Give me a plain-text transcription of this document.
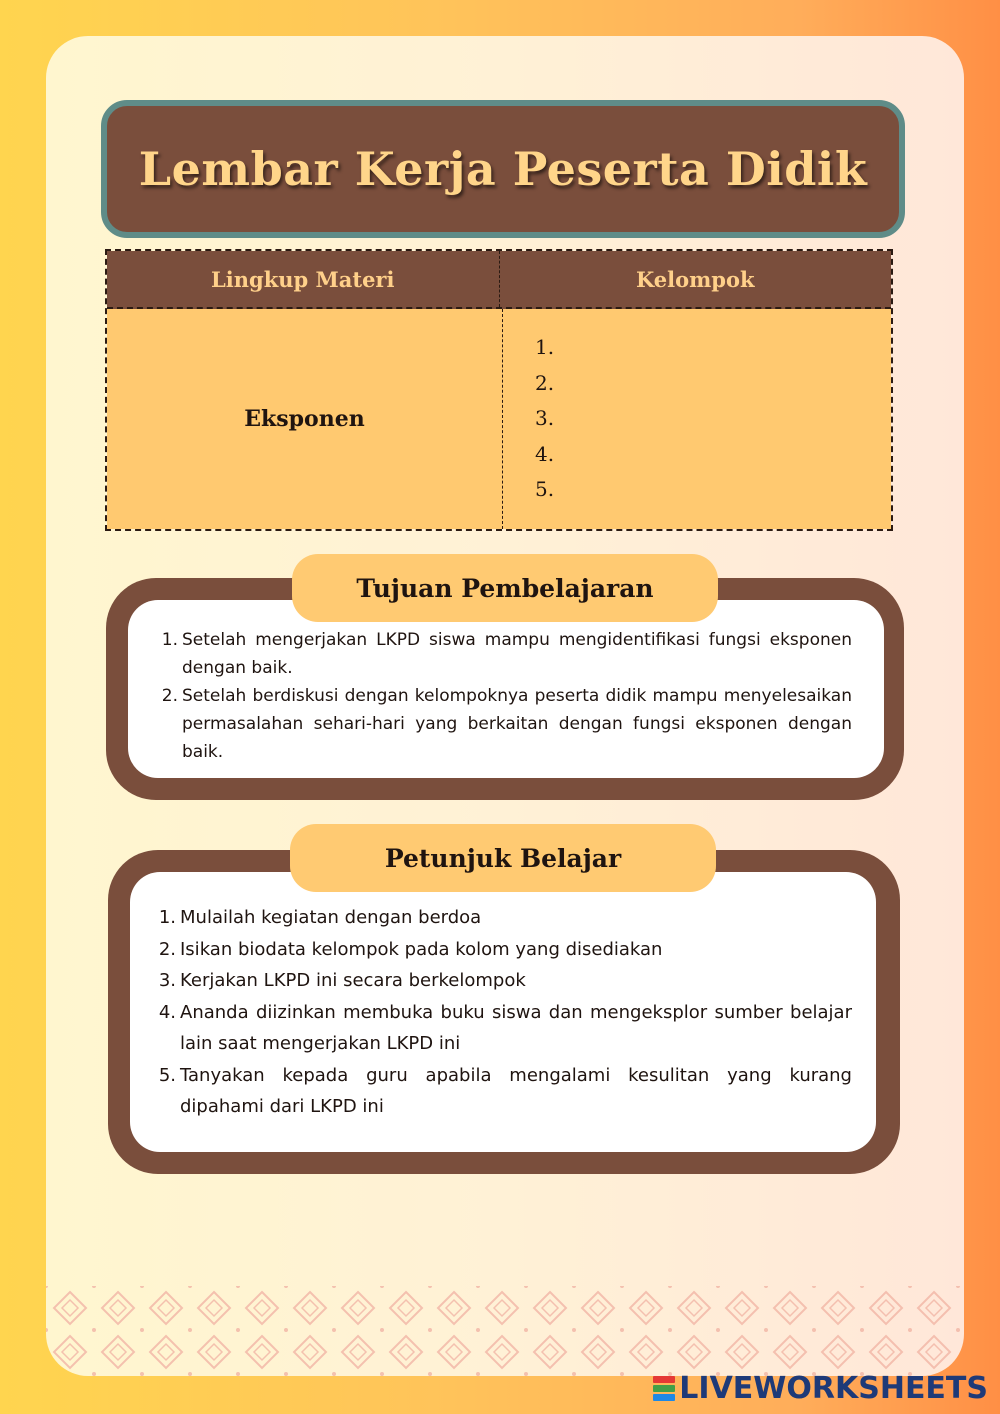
Lembar Kerja Peserta Didik
Lingkup Materi	Kelompok
Eksponen
1.
2.
3.
4.
5.
1. Setelah mengerjakan LKPD siswa mampu mengidentifikasi fungsi eksponen dengan baik.
2. Setelah berdiskusi dengan kelompoknya peserta didik mampu menyelesaikan permasalahan sehari-hari yang berkaitan dengan fungsi eksponen dengan baik.
Tujuan Pembelajaran
1. Mulailah kegiatan dengan berdoa
2. Isikan biodata kelompok pada kolom yang disediakan
3. Kerjakan LKPD ini secara berkelompok
4. Ananda diizinkan membuka buku siswa dan mengeksplor sumber belajar lain saat mengerjakan LKPD ini
5. Tanyakan kepada guru apabila mengalami kesulitan yang kurang dipahami dari LKPD ini
Petunjuk Belajar
LIVEWORKSHEETS
